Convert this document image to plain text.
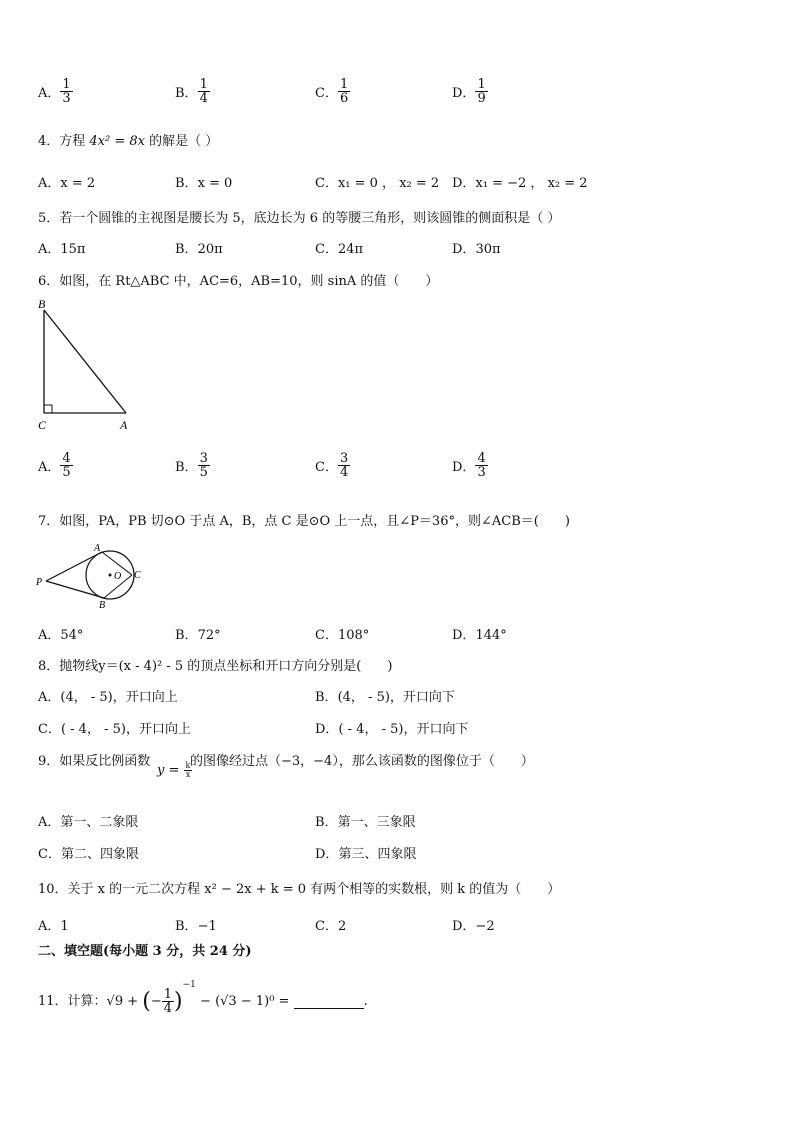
A． $\frac{1}{3}$	B． $\frac{1}{4}$	C． $\frac{1}{6}$	D． $\frac{1}{9}$
4．方程 4x² = 8x 的解是（ ）
A．x = 2	B．x = 0	C．x₁ = 0 ， x₂ = 2 D．x₁ = −2 ， x₂ = 2
5．若一个圆锥的主视图是腰长为 5，底边长为 6 的等腰三角形，则该圆锥的侧面积是（ ）
A．15π	B．20π	C．24π	D．30π
6．如图，在 Rt△ABC 中，AC=6，AB=10，则 sinA 的值（　　）
B
C	A
A． $\frac{4}{5}$	B． $\frac{3}{5}$	C． $\frac{3}{4}$	D． $\frac{4}{3}$
7．如图，PA，PB 切⊙O 于点 A，B，点 C 是⊙O 上一点，且∠P＝36°，则∠ACB＝(　　)
O
A
C
B
P
A．54°	B．72°	C．108°	D．144°
8．抛物线y＝(x - 4)² - 5 的顶点坐标和开口方向分别是(　　)
A．(4， - 5)，开口向上	B．(4， - 5)，开口向下
C．( - 4， - 5)，开口向上	D．( - 4， - 5)，开口向下
9．如果反比例函数
$y = \frac{k}{x}$
的图像经过点（−3，−4），那么该函数的图像位于（　　）
A．第一、二象限	B．第一、三象限
C．第二、四象限	D．第三、四象限
10．关于 x 的一元二次方程 x² − 2x + k = 0 有两个相等的实数根，则 k 的值为（　　）
A．1	B．−1	C．2	D．−2
二、填空题(每小题 3 分，共 24 分)
11．计算：√9 + (− $\frac{1}{4} )^{-1} - (√3 - 1)^0$ =	.
